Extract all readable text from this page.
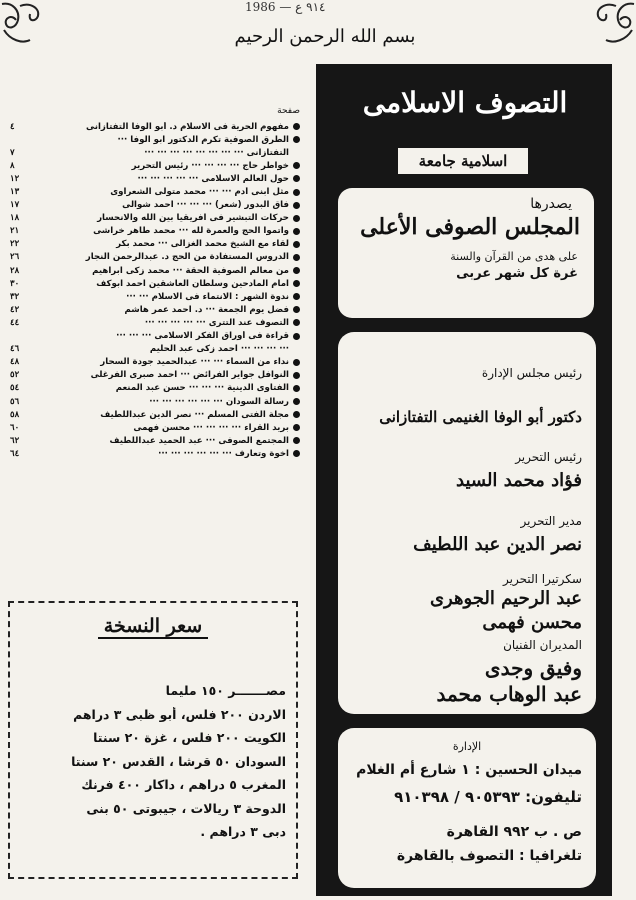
1986 — ٩١٤ ع
بسم الله الرحمن الرحيم
صفحة
مفهوم الحرية فى الاسلام د. أبو الوفا التفتازانى
٤
الطرق الصوفية تكرم الدكتور ابو الوفا ···
التفتازانى ··· ··· ··· ··· ··· ··· ··· ···
٧
خواطر حاج ··· ··· ··· ··· رئيس التحرير
٨
حول العالم الاسلامى ··· ··· ··· ··· ···
١٢
مثل ابنى آدم ··· ··· محمد متولى الشعراوى
١٣
فاق البدور (شعر) ··· ··· ··· احمد شوالى
١٧
حركات التبشير فى افريقيا بين الله والانحسار
١٨
واتموا الحج والعمرة لله ··· محمد طاهر خراشى
٢١
لقاء مع الشيخ محمد الغزالى ··· محمد بكر
٢٢
الدروس المستفادة من الحج د. عبدالرحمن النجار
٢٦
من معالم الصوفية الحقة ··· محمد زكى ابراهيم
٢٨
امام المادحين وسلطان العاشقين احمد ابوكف
٣٠
ندوة الشهر : الانتماء فى الاسلام ··· ···
٣٢
فضل يوم الجمعة ··· د. احمد عمر هاشم
٤٢
التصوف عند التترى ··· ··· ··· ··· ···
٤٤
قراءة فى أوراق الفكر الاسلامى ··· ··· ···
··· ··· ··· ··· احمد زكى عبد الحليم
٤٦
نداء من السماء ··· ··· عبدالحميد جودة السحار
٤٨
النوافل جواير الفرائض ··· احمد صبرى الفرغلى
٥٢
الفتاوى الدينية ··· ··· ··· حسن عبد المنعم
٥٤
رسالة السودان ··· ··· ··· ··· ··· ···
٥٦
مجلة الفتى المسلم ··· نصر الدين عبداللطيف
٥٨
بريد القراء ··· ··· ··· ··· محسن فهمى
٦٠
المجتمع الصوفى ··· عبد الحميد عبداللطيف
٦٢
اخوة وتعارف ··· ··· ··· ··· ··· ···
٦٤
سعر النسخة
مصـــــــر ١٥٠ مليما
الاردن ٢٠٠ فلس، أبو ظبى ٣ دراهم
الكويت ٢٠٠ فلس ، غزة ٢٠ سنتا
السودان ٥٠ قرشا ، القدس ٢٠ سنتا
المغرب ٥ دراهم ، داكار ٤٠٠ فرنك
الدوحة ٣ ريالات ، جيبوتى ٥٠ بنى
دبى ٣ دراهم .
التصوف الاسلامى
اسلامية جامعة
يصدرها
المجلس الصوفى الأعلى
على هدى من القرآن والسنة
غرة كل شهر عربى
رئيس مجلس الإدارة
دكتور أبو الوفا الغنيمى التفتازانى
رئيس التحرير
فؤاد محمد السيد
مدير التحرير
نصر الدين عبد اللطيف
سكرتيرا التحرير
عبد الرحيم الجوهرى
محسن فهمى
المديران الفنيان
وفيق وجدى
عبد الوهاب محمد
الإدارة
ميدان الحسين : ١ شارع أم الغلام
تليفون: ٩٠٥٣٩٣ / ٩١٠٣٩٨
ص . ب ٩٩٢ القاهرة
تلغرافيا : التصوف بالقاهرة
